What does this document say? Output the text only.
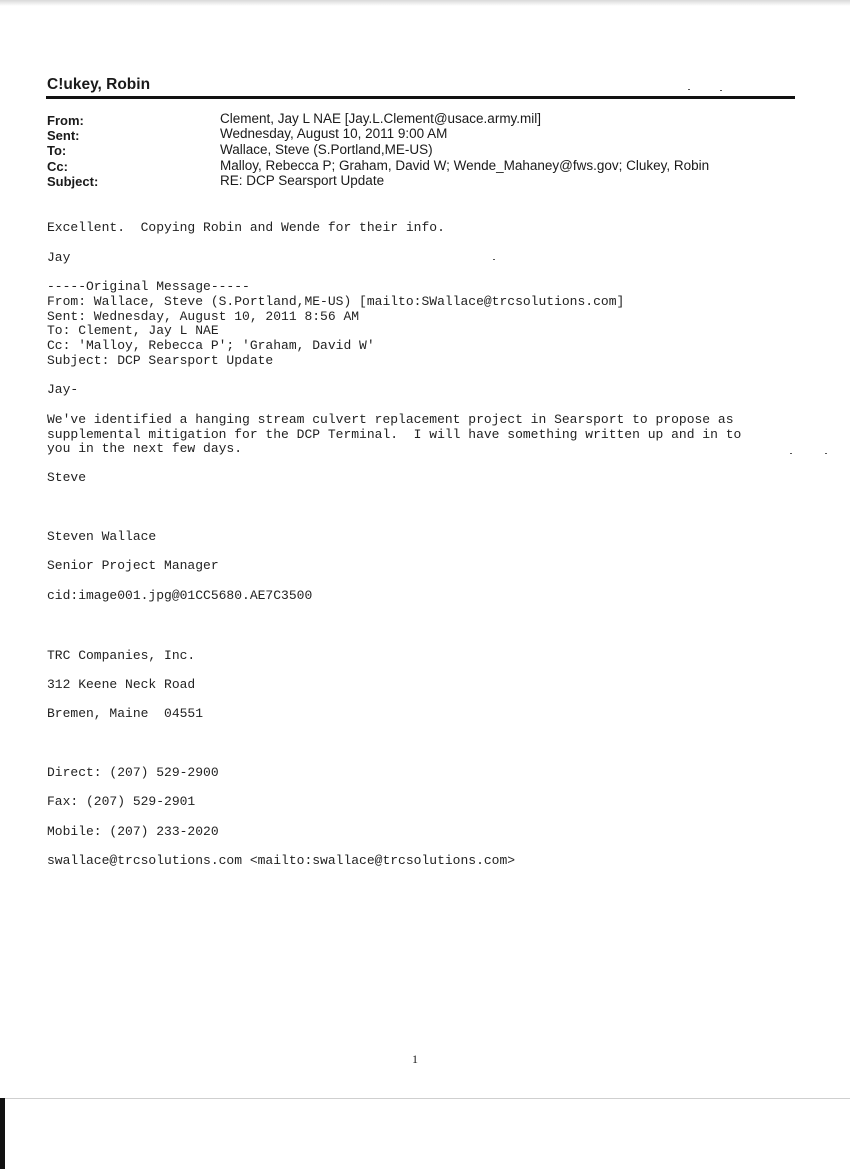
C!ukey, Robin
From:	Clement, Jay L NAE [Jay.L.Clement@usace.army.mil]
Sent:	Wednesday, August 10, 2011 9:00 AM
To:	Wallace, Steve (S.Portland,ME-US)
Cc:	Malloy, Rebecca P; Graham, David W; Wende_Mahaney@fws.gov; Clukey, Robin
Subject:	RE: DCP Searsport Update
Excellent.  Copying Robin and Wende for their info.
Jay
-----Original Message-----
From: Wallace, Steve (S.Portland,ME-US) [mailto:SWallace@trcsolutions.com]
Sent: Wednesday, August 10, 2011 8:56 AM
To: Clement, Jay L NAE
Cc: 'Malloy, Rebecca P'; 'Graham, David W'
Subject: DCP Searsport Update
Jay-
We've identified a hanging stream culvert replacement project in Searsport to propose as
supplemental mitigation for the DCP Terminal.  I will have something written up and in to
you in the next few days.
Steve
Steven Wallace
Senior Project Manager
cid:image001.jpg@01CC5680.AE7C3500
TRC Companies, Inc.
312 Keene Neck Road
Bremen, Maine  04551
Direct: (207) 529-2900
Fax: (207) 529-2901
Mobile: (207) 233-2020
swallace@trcsolutions.com <mailto:swallace@trcsolutions.com>
1
